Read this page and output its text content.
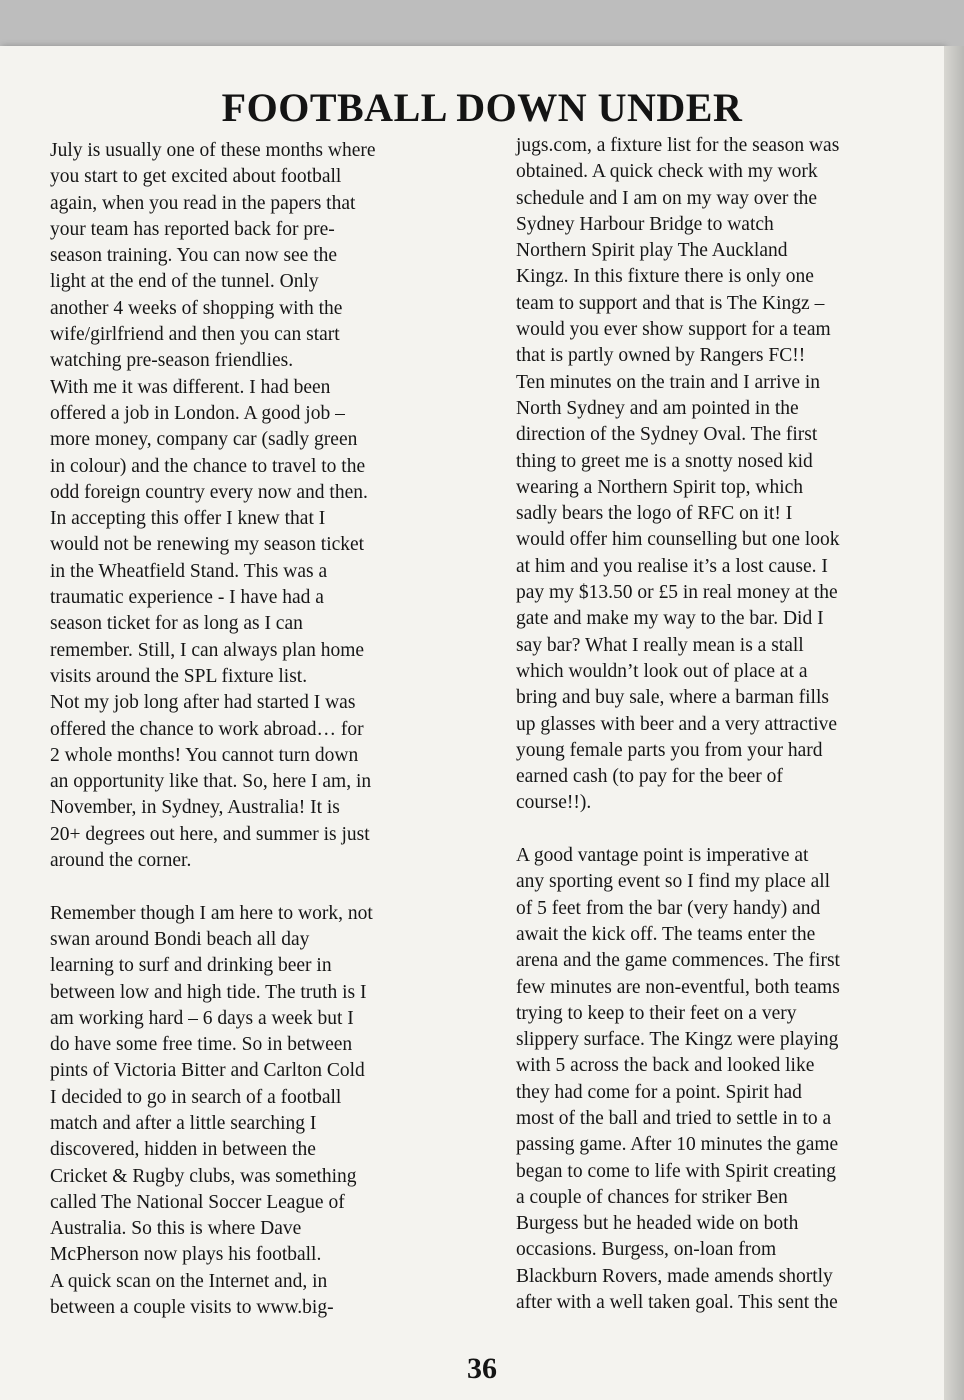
FOOTBALL DOWN UNDER
July is usually one of these months where
you start to get excited about football
again, when you read in the papers that
your team has reported back for pre-
season training. You can now see the
light at the end of the tunnel. Only
another 4 weeks of shopping with the
wife/girlfriend and then you can start
watching pre-season friendlies.
With me it was different. I had been
offered a job in London. A good job –
more money, company car (sadly green
in colour) and the chance to travel to the
odd foreign country every now and then.
In accepting this offer I knew that I
would not be renewing my season ticket
in the Wheatfield Stand. This was a
traumatic experience - I have had a
season ticket for as long as I can
remember. Still, I can always plan home
visits around the SPL fixture list.
Not my job long after had started I was
offered the chance to work abroad… for
2 whole months! You cannot turn down
an opportunity like that. So, here I am, in
November, in Sydney, Australia! It is
20+ degrees out here, and summer is just
around the corner.
Remember though I am here to work, not
swan around Bondi beach all day
learning to surf and drinking beer in
between low and high tide. The truth is I
am working hard – 6 days a week but I
do have some free time. So in between
pints of Victoria Bitter and Carlton Cold
I decided to go in search of a football
match and after a little searching I
discovered, hidden in between the
Cricket & Rugby clubs, was something
called The National Soccer League of
Australia. So this is where Dave
McPherson now plays his football.
A quick scan on the Internet and, in
between a couple visits to www.big-
jugs.com, a fixture list for the season was
obtained. A quick check with my work
schedule and I am on my way over the
Sydney Harbour Bridge to watch
Northern Spirit play The Auckland
Kingz. In this fixture there is only one
team to support and that is The Kingz –
would you ever show support for a team
that is partly owned by Rangers FC!!
Ten minutes on the train and I arrive in
North Sydney and am pointed in the
direction of the Sydney Oval. The first
thing to greet me is a snotty nosed kid
wearing a Northern Spirit top, which
sadly bears the logo of RFC on it! I
would offer him counselling but one look
at him and you realise it’s a lost cause. I
pay my $13.50 or £5 in real money at the
gate and make my way to the bar. Did I
say bar? What I really mean is a stall
which wouldn’t look out of place at a
bring and buy sale, where a barman fills
up glasses with beer and a very attractive
young female parts you from your hard
earned cash (to pay for the beer of
course!!).
A good vantage point is imperative at
any sporting event so I find my place all
of 5 feet from the bar (very handy) and
await the kick off. The teams enter the
arena and the game commences. The first
few minutes are non-eventful, both teams
trying to keep to their feet on a very
slippery surface. The Kingz were playing
with 5 across the back and looked like
they had come for a point. Spirit had
most of the ball and tried to settle in to a
passing game. After 10 minutes the game
began to come to life with Spirit creating
a couple of chances for striker Ben
Burgess but he headed wide on both
occasions. Burgess, on-loan from
Blackburn Rovers, made amends shortly
after with a well taken goal. This sent the
36
